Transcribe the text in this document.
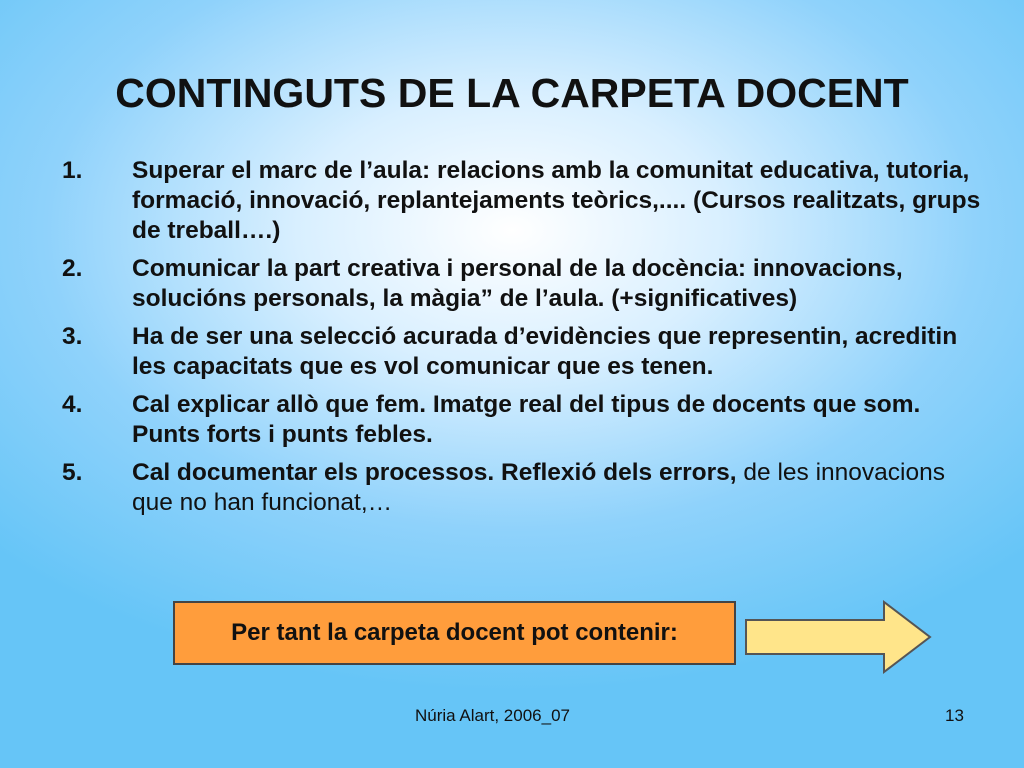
CONTINGUTS DE LA CARPETA DOCENT
1.	Superar el marc de l’aula: relacions amb la comunitat educativa, tutoria, formació, innovació, replantejaments teòrics,.... (Cursos realitzats, grups de treball….)
2.	Comunicar la part creativa i personal de la docència: innovacions, solucións personals, la màgia” de l’aula. (+significatives)
3.	Ha de ser una selecció acurada d’evidències que representin, acreditin les capacitats que es vol comunicar que es tenen.
4.	Cal explicar allò que fem. Imatge real del tipus de docents que som. Punts forts i punts febles.
5.	Cal documentar els processos. Reflexió dels errors, de les innovacions que no han funcionat,…
Per tant la carpeta docent pot contenir:
Núria Alart, 2006_07	13
